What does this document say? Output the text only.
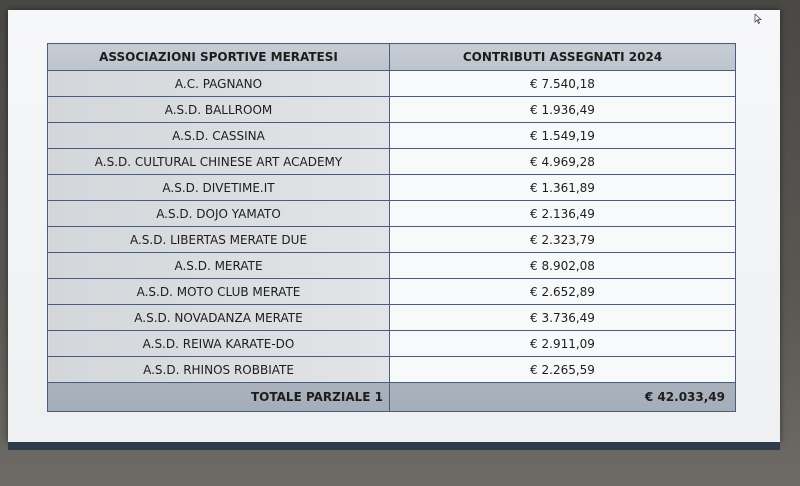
ASSOCIAZIONI SPORTIVE MERATESI	CONTRIBUTI ASSEGNATI 2024
A.C. PAGNANO	€ 7.540,18
A.S.D. BALLROOM	€ 1.936,49
A.S.D. CASSINA	€ 1.549,19
A.S.D. CULTURAL CHINESE ART ACADEMY	€ 4.969,28
A.S.D. DIVETIME.IT	€ 1.361,89
A.S.D. DOJO YAMATO	€ 2.136,49
A.S.D. LIBERTAS MERATE DUE	€ 2.323,79
A.S.D. MERATE	€ 8.902,08
A.S.D. MOTO CLUB MERATE	€ 2.652,89
A.S.D. NOVADANZA MERATE	€ 3.736,49
A.S.D. REIWA KARATE-DO	€ 2.911,09
A.S.D. RHINOS ROBBIATE	€ 2.265,59
TOTALE PARZIALE 1	€ 42.033,49
